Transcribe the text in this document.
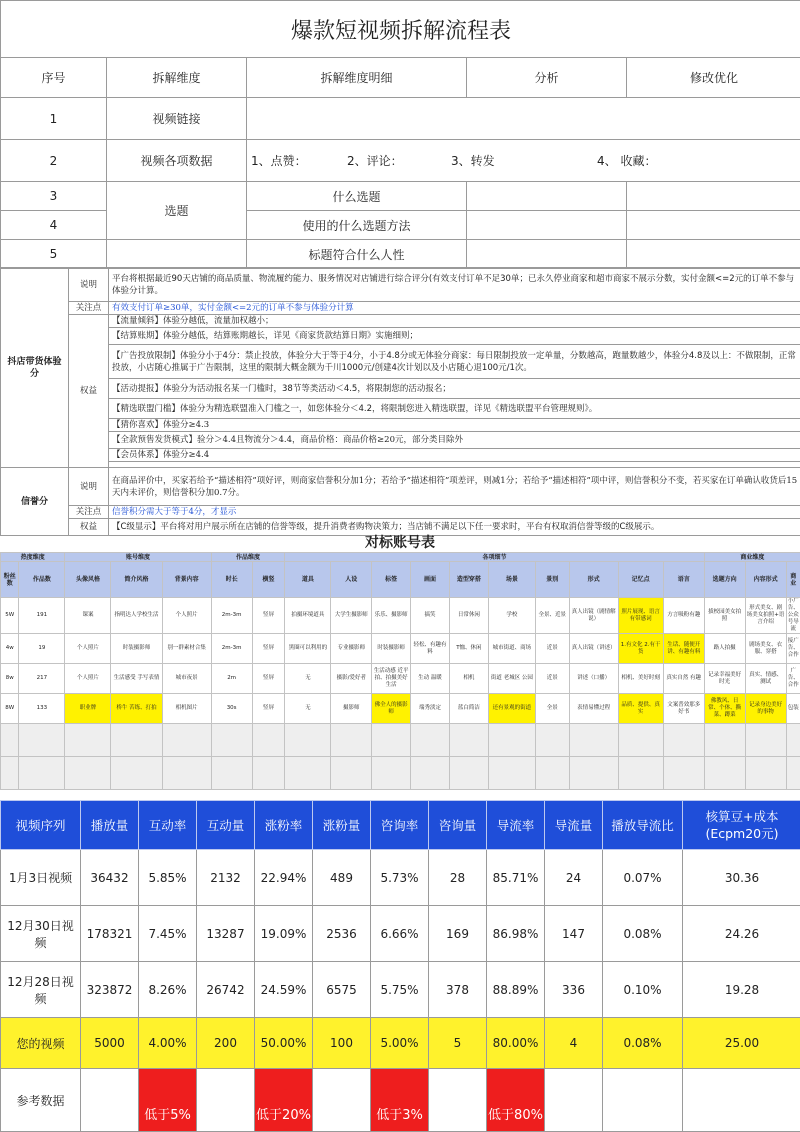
爆款短视频拆解流程表				
序号	拆解维度	拆解维度明细	分析	修改优化
1	视频链接			
2	视频各项数据	1、点赞： 2、评论： 3、转发 4、 收藏：		
3	选题	什么选题		
4		使用的什么选题方法		
5		标题符合什么人性		
抖店带货体验分	说明	平台将根据最近90天店铺的商品质量、物流履约能力、服务情况对店铺进行综合评分(有效支付订单不足30单；已永久停业商家和超市商家不展示分数，实付金额<=2元的订单不参与体验分计算。
	关注点	有效支付订单≥30单，实付金额<=2元的订单不参与体验分计算
	权益	【流量倾斜】体验分越低，流量加权越小；
		【结算账期】体验分越低，结算账期越长，详见《商家货款结算日期》实施细则；
		【广告投放限制】体验分小于4分：禁止投放，体验分大于等于4分，小于4.8分或无体验分商家：每日限制投放一定单量，分数越高，跑量数越少，体验分4.8及以上：不做限制，正常投放，小店随心推属于广告限制，这里的限制大概金额为千川1000元/创建4次计划以及小店随心退100元/1次。
		【活动提报】体验分为活动报名某一门槛时，38节等类活动＜4.5，将限制您的活动报名；
		【精选联盟门槛】体验分为精选联盟准入门槛之一，如您体验分＜4.2，将限制您进入精选联盟，详见《精选联盟平台管理规则》。
		【猜你喜欢】体验分≥4.3
		【全款预售发货模式】验分＞4.4且物流分＞4.4，商品价格：商品价格≥20元，部分类目除外
		【会员体系】体验分≥4.4

信誉分	说明	在商品评价中，买家若给予“描述相符”项好评，则商家信誉积分加1分；若给予“描述相符”项差评，则减1分；若给予“描述相符”项中评，则信誉积分不变，若买家在订单确认收货后15天内未评价，则信誉积分加0.7分。
	关注点	信誉积分需大于等于4分，才显示
	权益	【C级显示】平台将对用户展示所在店铺的信誉等级，提升消费者购物决策力；当店铺不满足以下任一要求时，平台有权取消信誉等级的C级展示。
对标账号表
热度维度		账号维度			作品维度		各项细节										商业维度		
粉丝数	作品数	头像风格	简介风格	背景内容	时长	横竖	道具	人设	标签	画面	造型穿搭	场景	景别	形式	记忆点	语言	选题方向	内容形式	商业
5W	191	课案	指明达人学校生活	个人照片	2m-3m	竖屏	拍摄环境道具	大学生摄影师	乐乐、摄影师	搞笑	日常休闲	学校	全景、近景	真人出镜（剧情解说）	照片展现、语言有带感词	方言吸粉有趣	拔校园美女拍照	形式美女、剧场美女拍照+语言介绍	小广告、公众号导流
4w	19	个人照片	时装摄影师	别一群素材合集	2m-3m	竖屏	黑圈可以利用的	专业摄影师	时装摄影师	轻松、有趣有料	T恤、休闲	城市街道、商场	近景	真人出镜（讲述）	1.有文化 2.有干货	生话、随便开讲、有趣有料	路人拍摄	剧场美女、衣服、穿搭	接广告、合作
8w	217	个人照片	生活感受 手写表情	城市夜景	2m	竖屏	无	摄影/爱好者	生活动感 近平拍、拍摄美好生活	生动 温暖	相机	街道 老城区 公园	近景	讲述（口播）	相机、美好时刻	真实自然 有趣	记录幸福美好时光	真实、情感、测试	广告、合作
8W	133	职业牌	桥牛 苦练、打拍	相机图片	30s	竖屏	无	摄影师	佛全人的摄影师	端秀淡定	蓝白简洁	还有景观的街道	全景	表情易懂过程	品质、提供、真实	文案普效那多好书	佛教风、日常、个体、撕菜、蹲菜	记录身边美好的事物	包装

视频序列	播放量	互动率	互动量	涨粉率	涨粉量	咨询率	咨询量	导流率	导流量	播放导流比	核算豆+成本(Ecpm20元)
1月3日视频	36432	5.85%	2132	22.94%	489	5.73%	28	85.71%	24	0.07%	30.36
12月30日视频	178321	7.45%	13287	19.09%	2536	6.66%	169	86.98%	147	0.08%	24.26
12月28日视频	323872	8.26%	26742	24.59%	6575	5.75%	378	88.89%	336	0.10%	19.28
您的视频	5000	4.00%	200	50.00%	100	5.00%	5	80.00%	4	0.08%	25.00
参考数据		低于5%		低于20%		低于3%		低于80%			
